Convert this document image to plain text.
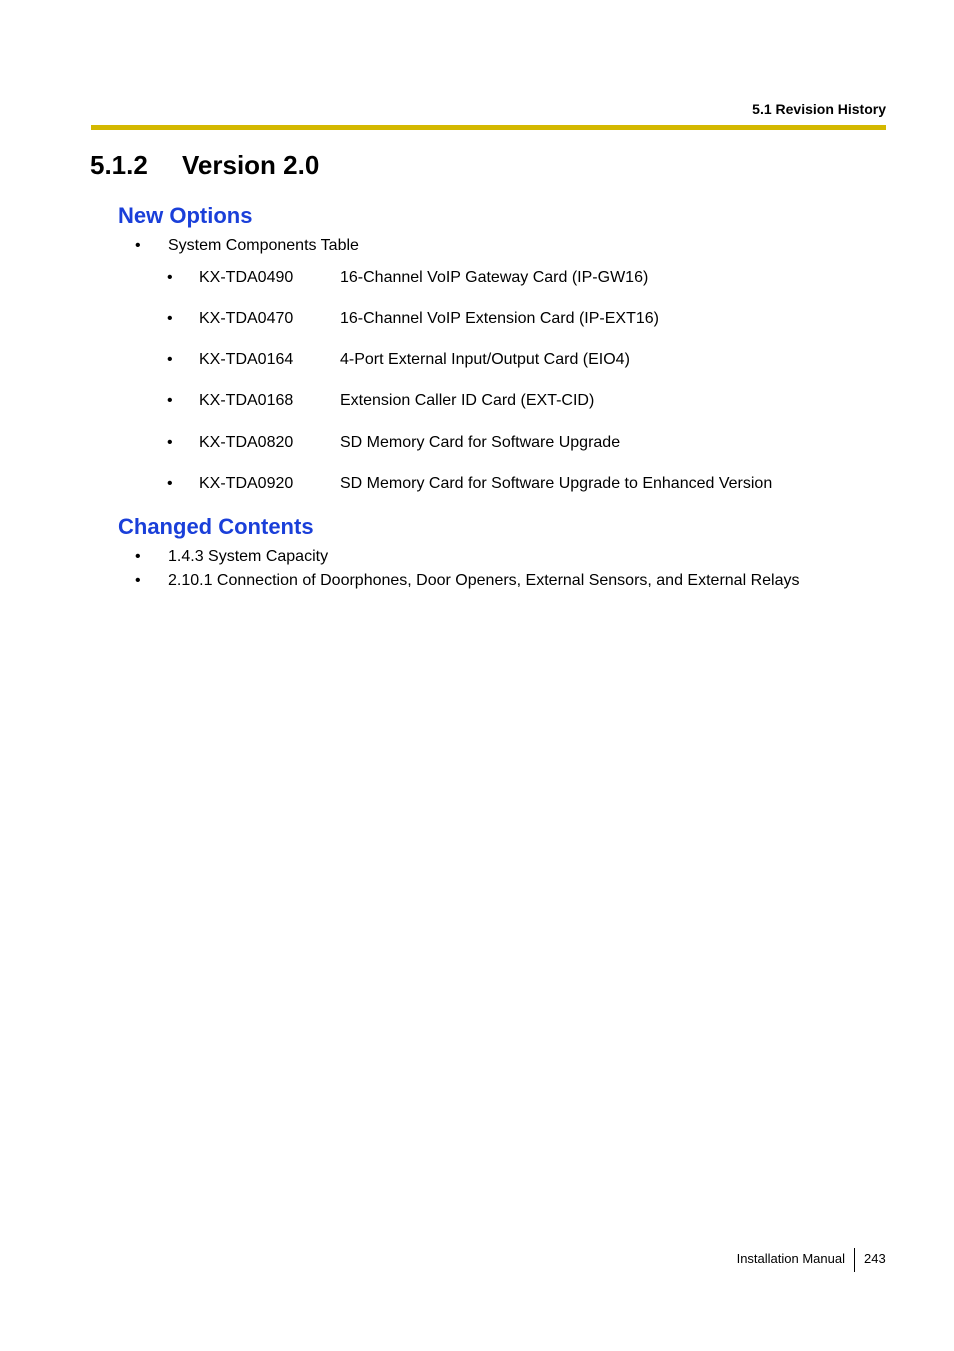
5.1 Revision History
5.1.2 Version 2.0
New Options
• System Components Table
• KX-TDA0490	16-Channel VoIP Gateway Card (IP-GW16)
• KX-TDA0470	16-Channel VoIP Extension Card (IP-EXT16)
• KX-TDA0164	4-Port External Input/Output Card (EIO4)
• KX-TDA0168	Extension Caller ID Card (EXT-CID)
• KX-TDA0820	SD Memory Card for Software Upgrade
• KX-TDA0920	SD Memory Card for Software Upgrade to Enhanced Version
Changed Contents
• 1.4.3 System Capacity
• 2.10.1 Connection of Doorphones, Door Openers, External Sensors, and External Relays
Installation Manual 243
